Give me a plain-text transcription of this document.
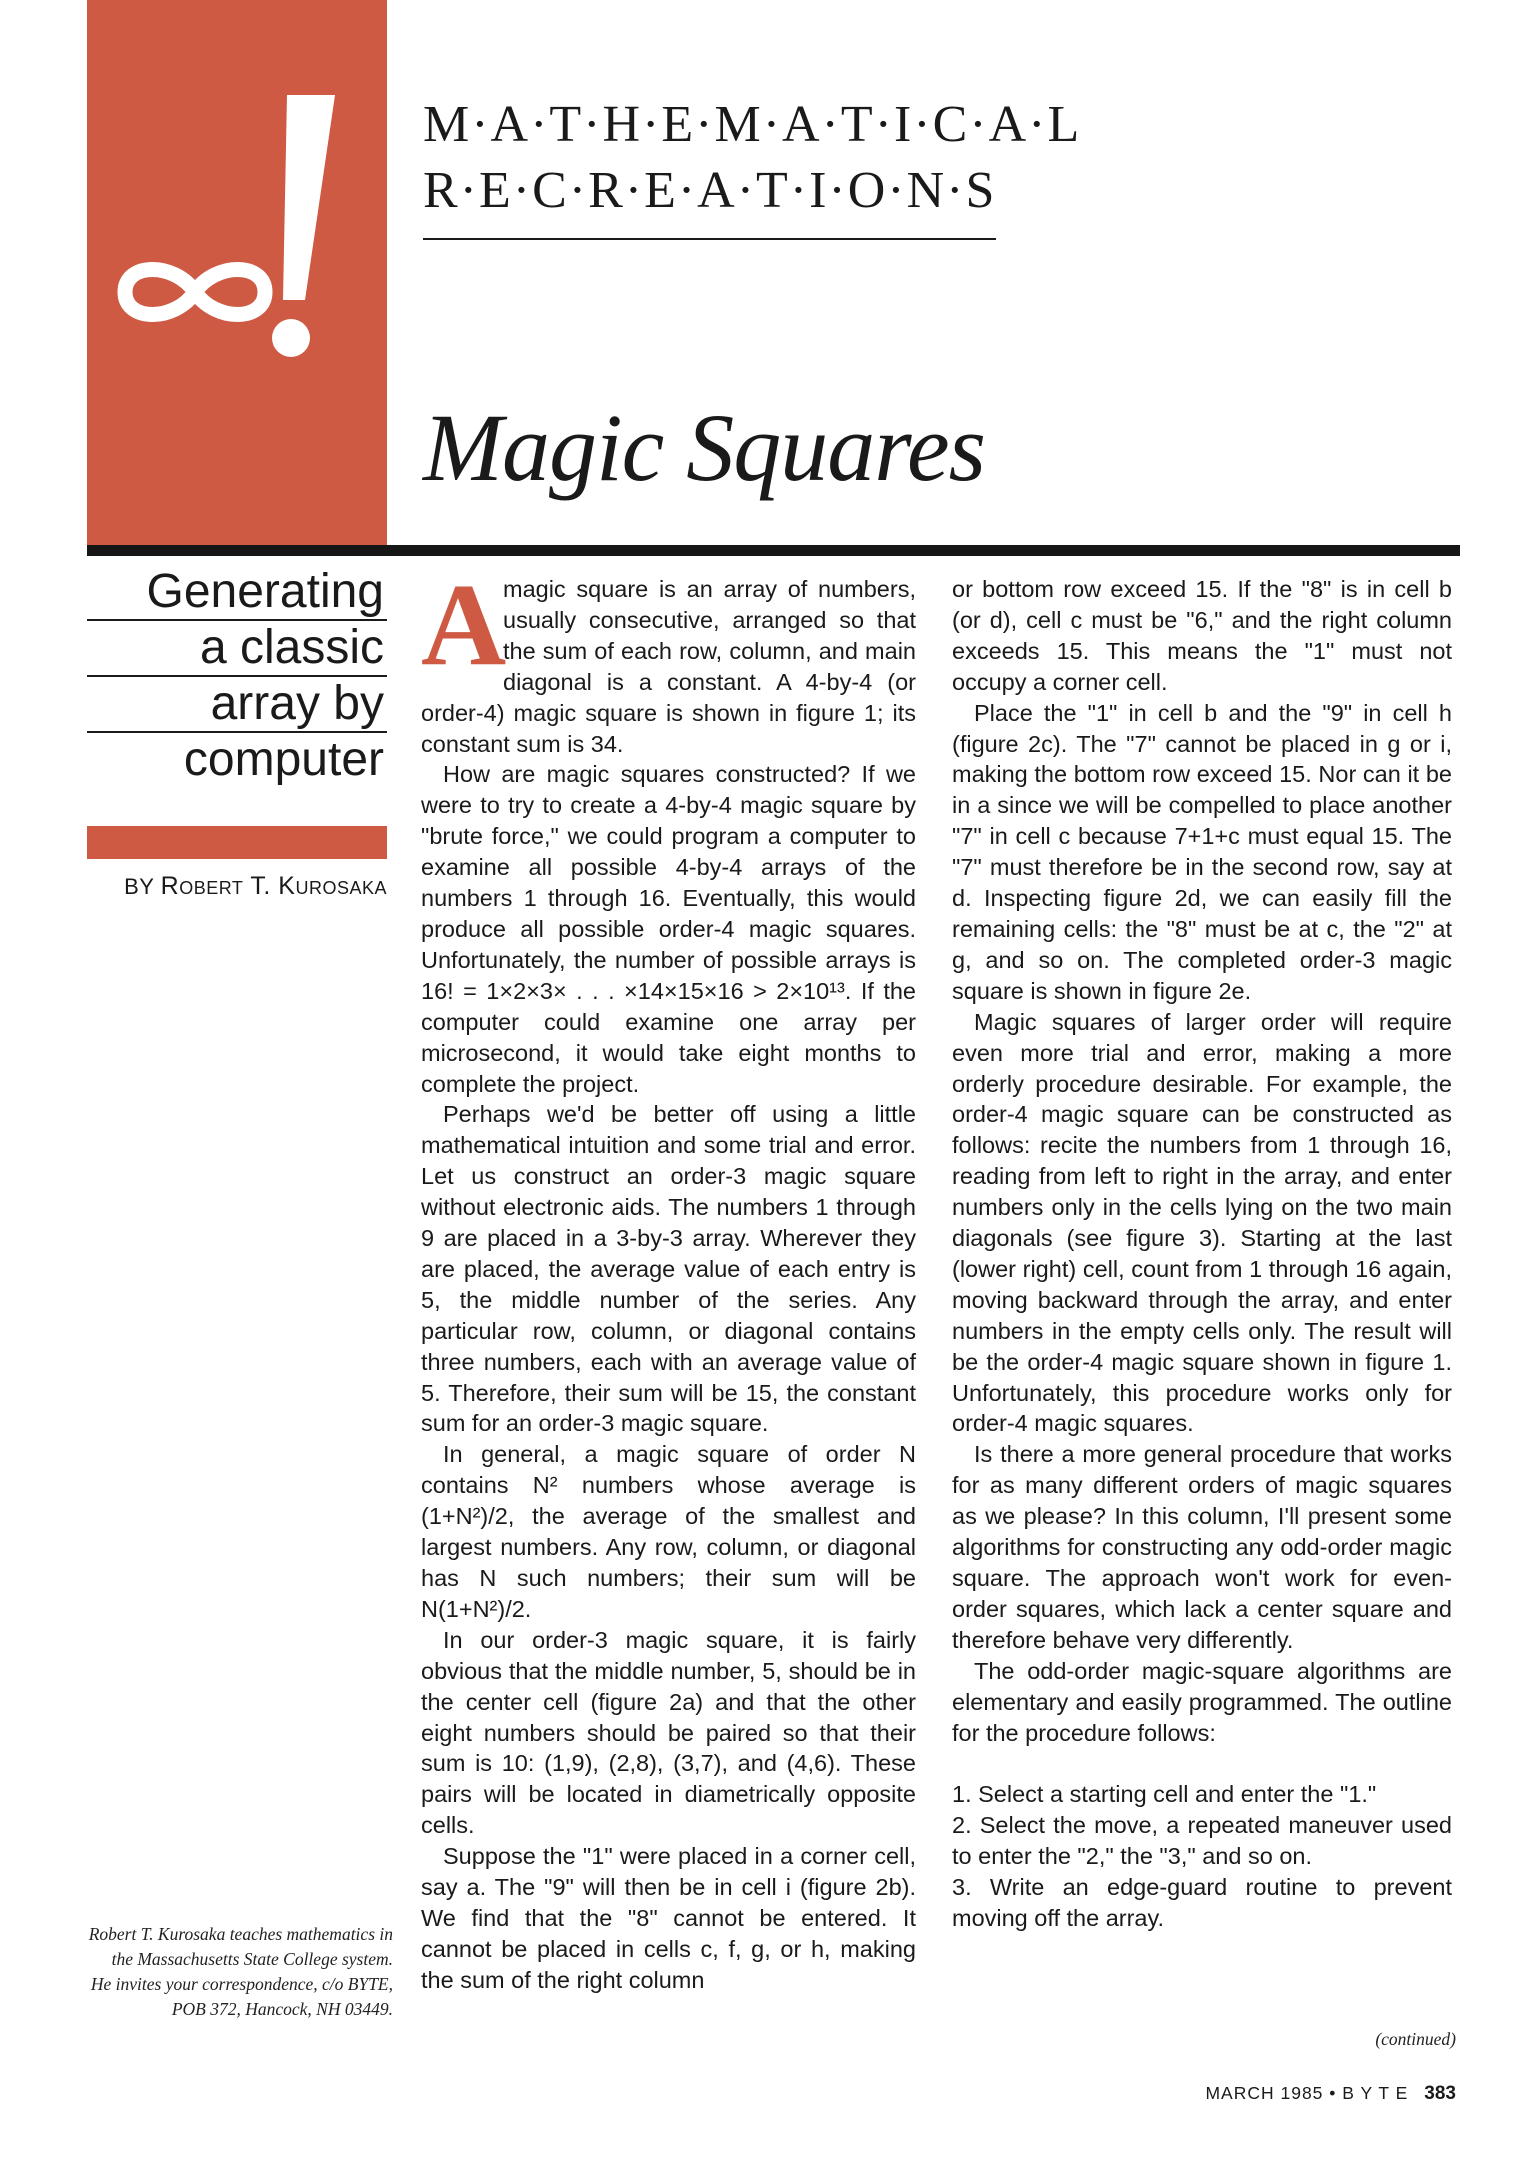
M·A·T·H·E·M·A·T·I·C·A·L
R·E·C·R·E·A·T·I·O·N·S
Magic Squares
Generating
a classic
array by
computer
BY Robert T. Kurosaka
Robert T. Kurosaka teaches mathematics in the Massachusetts State College system. He invites your correspondence, c/o BYTE, POB 372, Hancock, NH 03449.
A

magic square is an array of numbers, usually consecutive, arranged so that the sum of each row, column, and main diagonal is a constant. A 4-by-4 (or order-4) magic square is shown in figure 1; its constant sum is 34.

How are magic squares constructed? If we were to try to create a 4-by-4 magic square by "brute force," we could program a computer to examine all possible 4-by-4 arrays of the numbers 1 through 16. Eventually, this would produce all possible order-4 magic squares. Unfortunately, the number of possible arrays is 16! = 1×2×3× . . . ×14×15×16 > 2×10¹³. If the computer could examine one array per microsecond, it would take eight months to complete the project.

Perhaps we'd be better off using a little mathematical intuition and some trial and error. Let us construct an order-3 magic square without electronic aids. The numbers 1 through 9 are placed in a 3-by-3 array. Wherever they are placed, the average value of each entry is 5, the middle number of the series. Any particular row, column, or diagonal contains three numbers, each with an average value of 5. Therefore, their sum will be 15, the constant sum for an order-3 magic square.

In general, a magic square of order N contains N² numbers whose average is (1+N²)/2, the average of the smallest and largest numbers. Any row, column, or diagonal has N such numbers; their sum will be N(1+N²)/2.

In our order-3 magic square, it is fairly obvious that the middle number, 5, should be in the center cell (figure 2a) and that the other eight numbers should be paired so that their sum is 10: (1,9), (2,8), (3,7), and (4,6). These pairs will be located in diametrically opposite cells.

Suppose the "1" were placed in a corner cell, say a. The "9" will then be in cell i (figure 2b). We find that the "8" cannot be entered. It cannot be placed in cells c, f, g, or h, making the sum of the right column

or bottom row exceed 15. If the "8" is in cell b (or d), cell c must be "6," and the right column exceeds 15. This means the "1" must not occupy a corner cell.

Place the "1" in cell b and the "9" in cell h (figure 2c). The "7" cannot be placed in g or i, making the bottom row exceed 15. Nor can it be in a since we will be compelled to place another "7" in cell c because 7+1+c must equal 15. The "7" must therefore be in the second row, say at d. Inspecting figure 2d, we can easily fill the remaining cells: the "8" must be at c, the "2" at g, and so on. The completed order-3 magic square is shown in figure 2e.

Magic squares of larger order will require even more trial and error, making a more orderly procedure desirable. For example, the order-4 magic square can be constructed as follows: recite the numbers from 1 through 16, reading from left to right in the array, and enter numbers only in the cells lying on the two main diagonals (see figure 3). Starting at the last (lower right) cell, count from 1 through 16 again, moving backward through the array, and enter numbers in the empty cells only. The result will be the order-4 magic square shown in figure 1. Unfortunately, this procedure works only for order-4 magic squares.

Is there a more general procedure that works for as many different orders of magic squares as we please? In this column, I'll present some algorithms for constructing any odd-order magic square. The approach won't work for even-order squares, which lack a center square and therefore behave very differently.

The odd-order magic-square algorithms are elementary and easily programmed. The outline for the procedure follows:

1. Select a starting cell and enter the "1."

2. Select the move, a repeated maneuver used to enter the "2," the "3," and so on.

3. Write an edge-guard routine to prevent moving off the array.

(continued)
MARCH 1985 • B Y T E 383
